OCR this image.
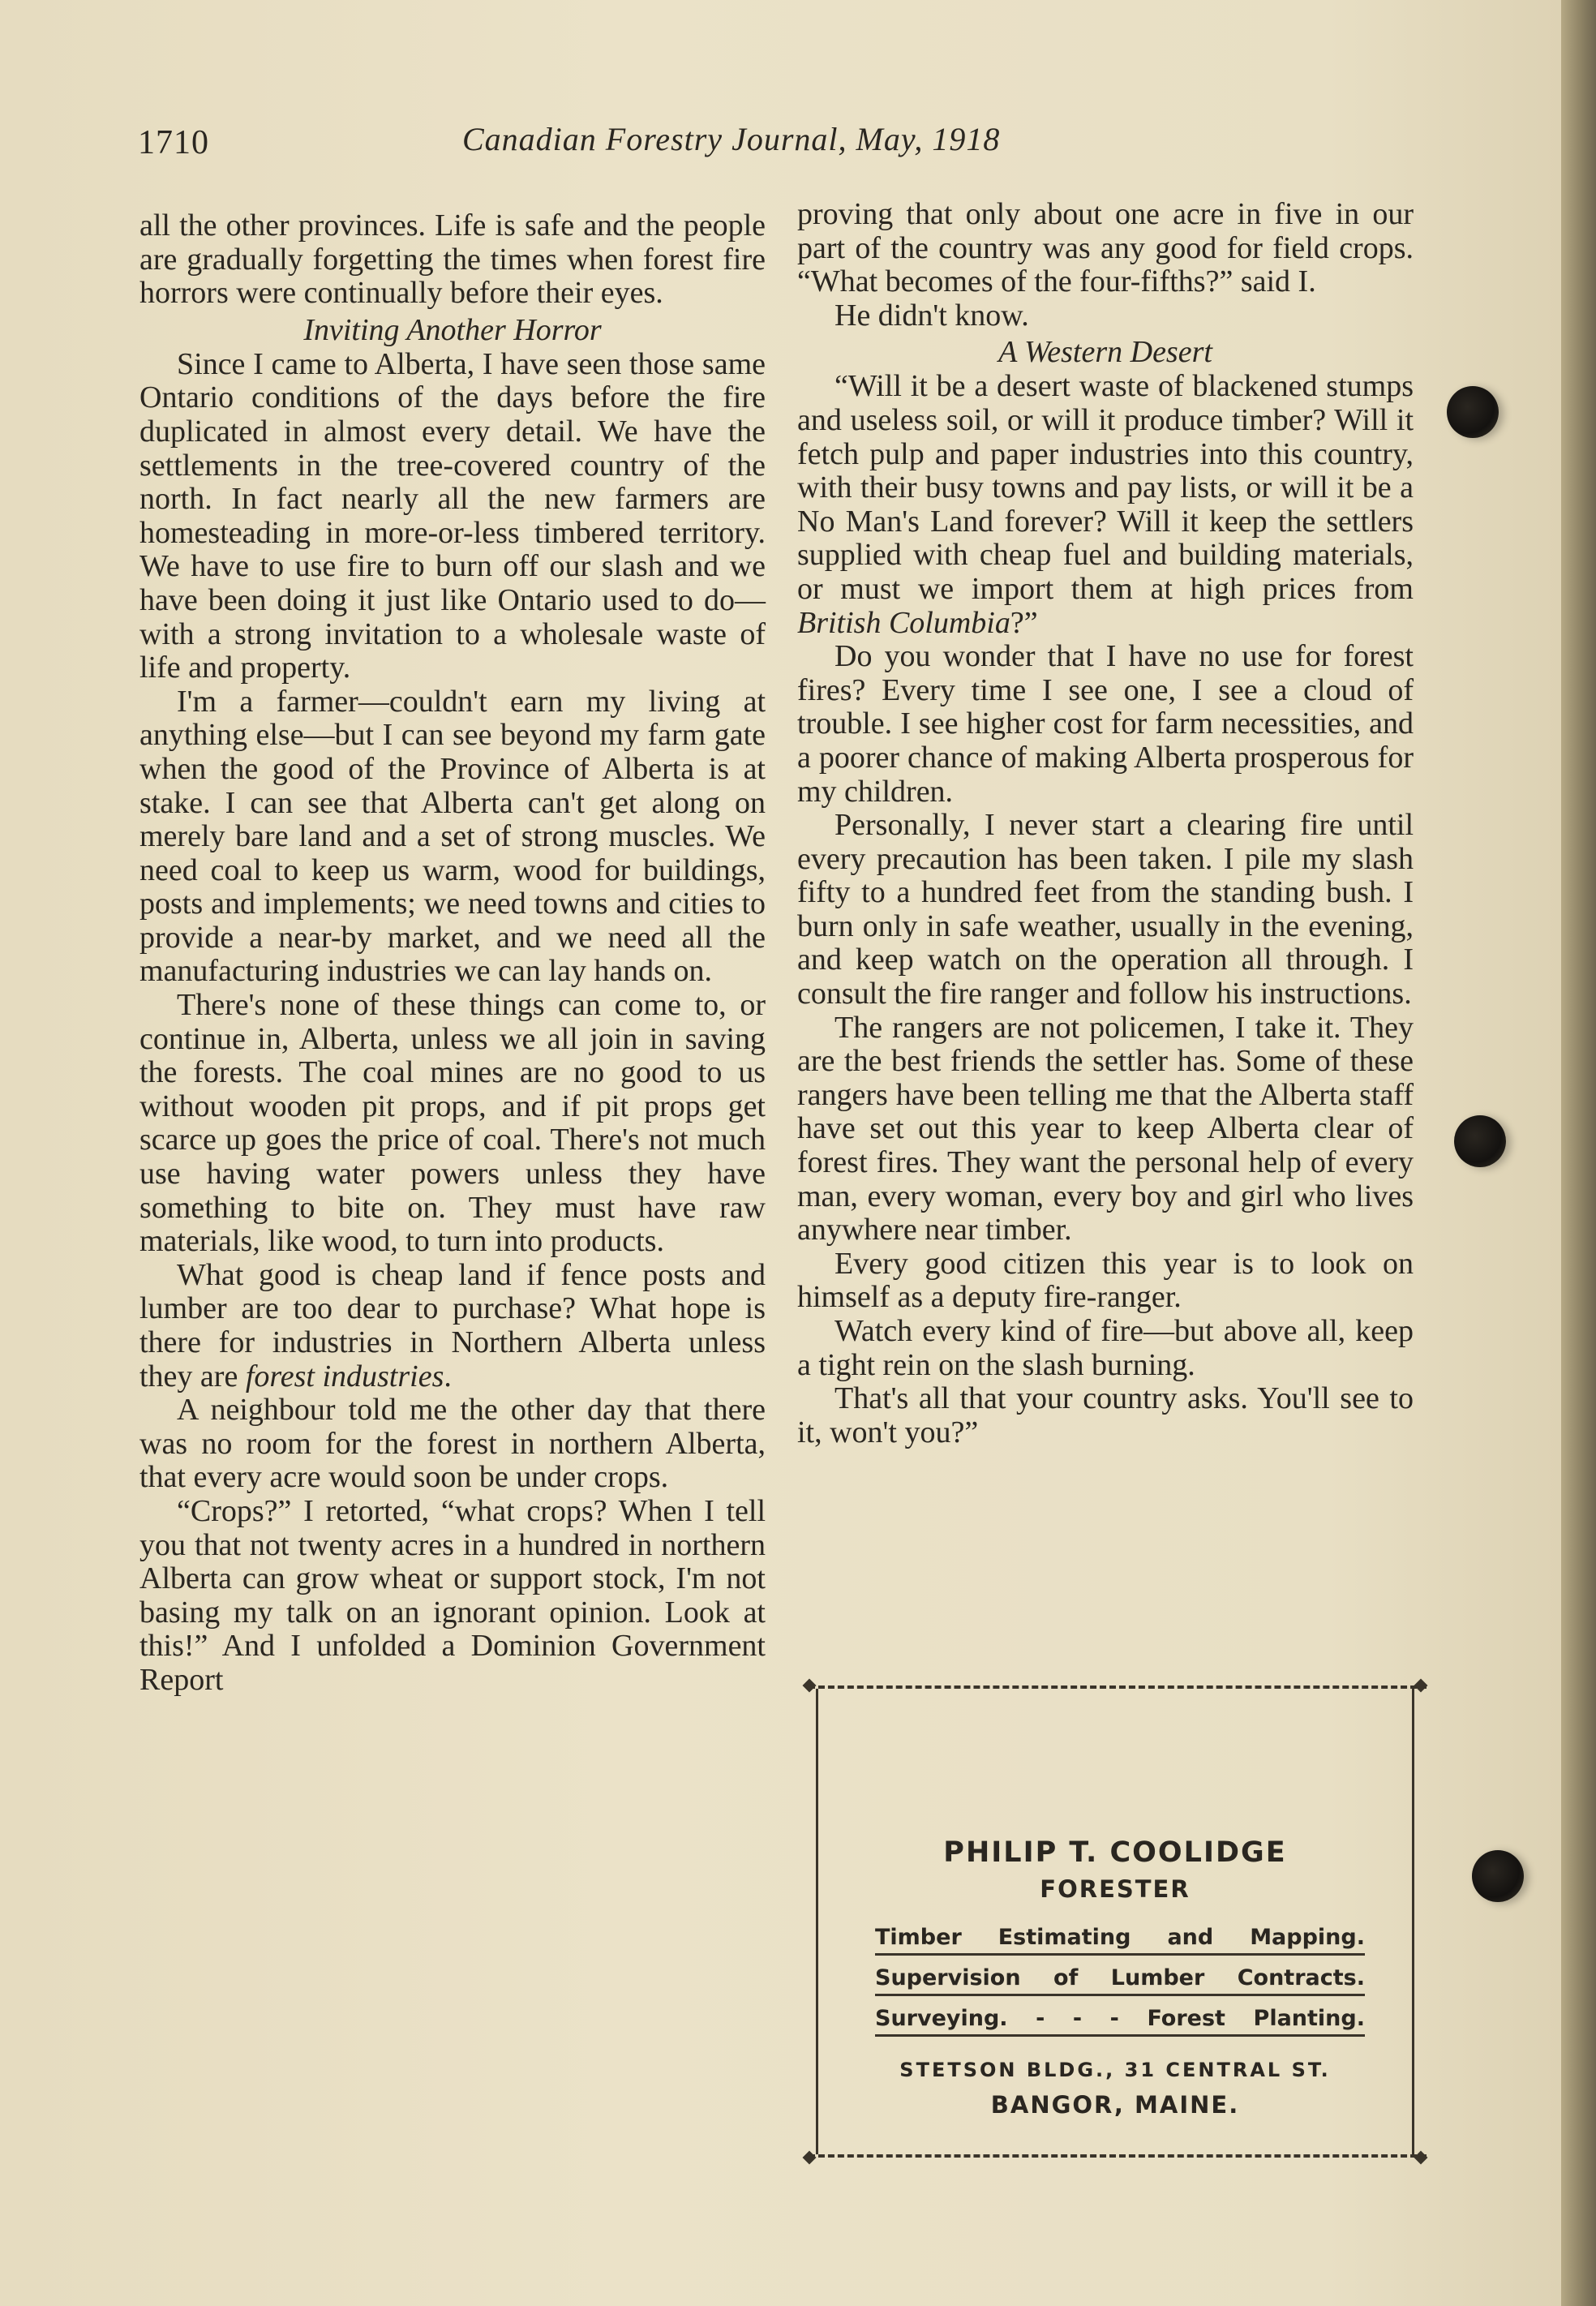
1710	Canadian Forestry Journal, May, 1918

all the other provinces. Life is safe and the people are gradually forgetting the times when forest fire horrors were continually before their eyes.

Inviting Another Horror

Since I came to Alberta, I have seen those same Ontario conditions of the days before the fire duplicated in almost every detail. We have the settlements in the tree-covered country of the north. In fact nearly all the new farmers are homesteading in more-or-less timbered territory. We have to use fire to burn off our slash and we have been doing it just like Ontario used to do—with a strong invitation to a wholesale waste of life and property.

I'm a farmer—couldn't earn my living at anything else—but I can see beyond my farm gate when the good of the Province of Alberta is at stake. I can see that Alberta can't get along on merely bare land and a set of strong muscles. We need coal to keep us warm, wood for buildings, posts and implements; we need towns and cities to provide a near-by market, and we need all the manufacturing industries we can lay hands on.

There's none of these things can come to, or continue in, Alberta, unless we all join in saving the forests. The coal mines are no good to us without wooden pit props, and if pit props get scarce up goes the price of coal. There's not much use having water powers unless they have something to bite on. They must have raw materials, like wood, to turn into products.

What good is cheap land if fence posts and lumber are too dear to purchase? What hope is there for industries in Northern Alberta unless they are forest industries.

A neighbour told me the other day that there was no room for the forest in northern Alberta, that every acre would soon be under crops.

“Crops?” I retorted, “what crops? When I tell you that not twenty acres in a hundred in northern Alberta can grow wheat or support stock, I'm not basing my talk on an ignorant opinion. Look at this!” And I unfolded a Dominion Government Report

proving that only about one acre in five in our part of the country was any good for field crops. “What becomes of the four-fifths?” said I.

He didn't know.

A Western Desert

“Will it be a desert waste of blackened stumps and useless soil, or will it produce timber? Will it fetch pulp and paper industries into this country, with their busy towns and pay lists, or will it be a No Man's Land forever? Will it keep the settlers supplied with cheap fuel and building materials, or must we import them at high prices from British Columbia?”

Do you wonder that I have no use for forest fires? Every time I see one, I see a cloud of trouble. I see higher cost for farm necessities, and a poorer chance of making Alberta prosperous for my children.

Personally, I never start a clearing fire until every precaution has been taken. I pile my slash fifty to a hundred feet from the standing bush. I burn only in safe weather, usually in the evening, and keep watch on the operation all through. I consult the fire ranger and follow his instructions.

The rangers are not policemen, I take it. They are the best friends the settler has. Some of these rangers have been telling me that the Alberta staff have set out this year to keep Alberta clear of forest fires. They want the personal help of every man, every woman, every boy and girl who lives anywhere near timber.

Every good citizen this year is to look on himself as a deputy fire-ranger.

Watch every kind of fire—but above all, keep a tight rein on the slash burning.

That's all that your country asks. You'll see to it, won't you?”

PHILIP T. COOLIDGE
FORESTER
Timber Estimating and Mapping.
Supervision of Lumber Contracts.
Surveying. - - - Forest Planting.
STETSON BLDG., 31 CENTRAL ST.
BANGOR, MAINE.
